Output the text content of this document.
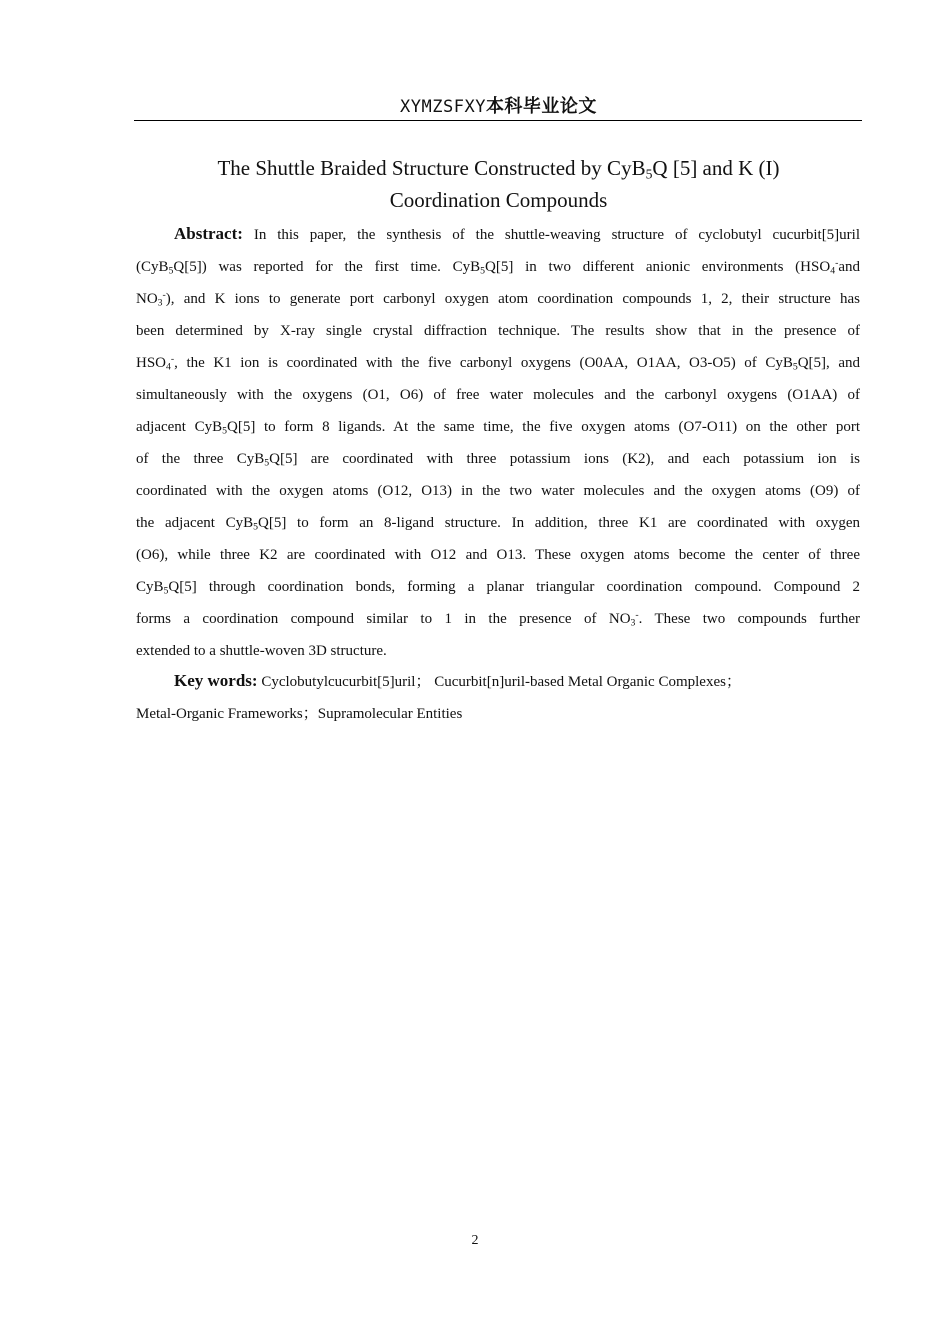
XYMZSFXY本科毕业论文
The Shuttle Braided Structure Constructed by CyB$_5$Q [5] and K (I)
Coordination Compounds
Abstract: In this paper, the synthesis of the shuttle-weaving structure of cyclobutyl cucurbit[5]uril
(CyB$_5$Q[5]) was reported for the first time. CyB$_5$Q[5] in two different anionic environments ($HSO_4^-and$
$NO_3^-$), and K ions to generate port carbonyl oxygen atom coordination compounds 1, 2, their structure has
been determined by X-ray single crystal diffraction technique. The results show that in the presence of
$HSO_4^-$, the K1 ion is coordinated with the five carbonyl oxygens (O0AA, O1AA, O3-O5) of CyB$_5$Q[5], and
simultaneously with the oxygens (O1, O6) of free water molecules and the carbonyl oxygens (O1AA) of
adjacent CyB$_5$Q[5] to form 8 ligands. At the same time, the five oxygen atoms (O7-O11) on the other port
of the three CyB$_5$Q[5] are coordinated with three potassium ions (K2), and each potassium ion is
coordinated with the oxygen atoms (O12, O13) in the two water molecules and the oxygen atoms (O9) of
the adjacent CyB$_5$Q[5] to form an 8-ligand structure. In addition, three K1 are coordinated with oxygen
(O6), while three K2 are coordinated with O12 and O13. These oxygen atoms become the center of three
CyB$_5$Q[5] through coordination bonds, forming a planar triangular coordination compound. Compound 2
forms a coordination compound similar to 1 in the presence of $NO_3^-$. These two compounds further
extended to a shuttle-woven 3D structure.
Key words: Cyclobutylcucurbit[5]uril； Cucurbit[n]uril-based Metal Organic Complexes；
Metal-Organic Frameworks；Supramolecular Entities
2
